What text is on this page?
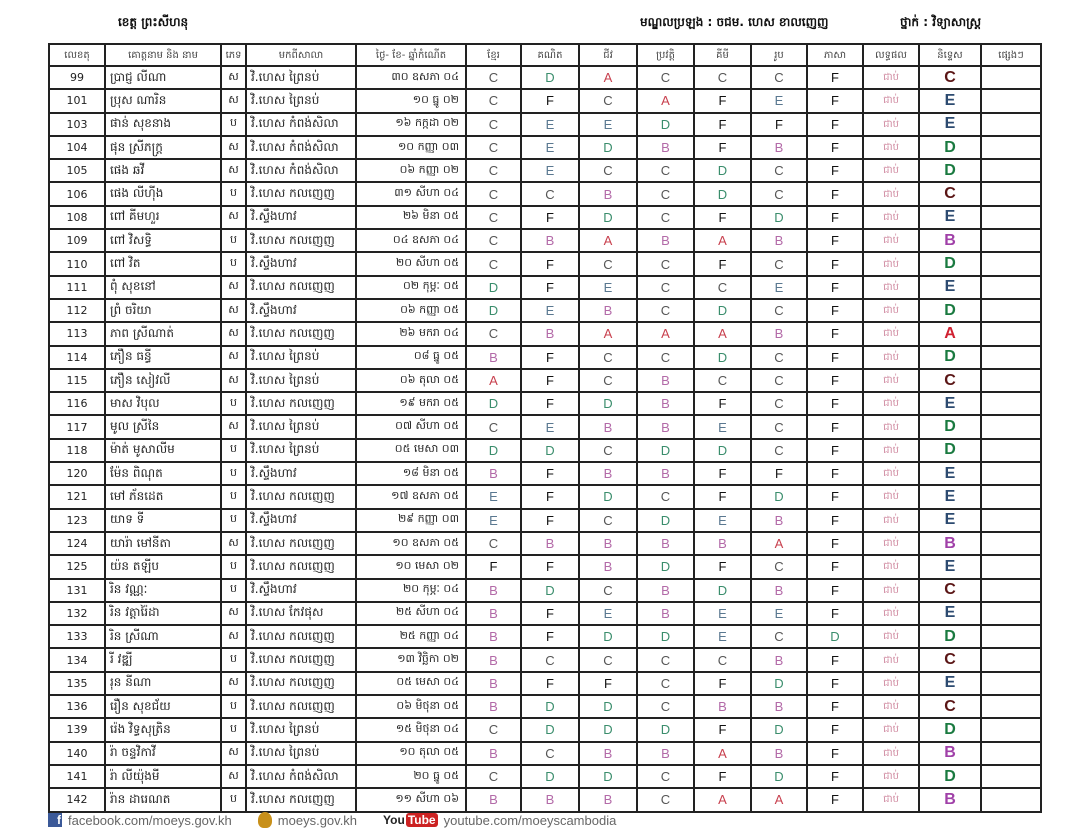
ខេត្ត ព្រះសីហនុ	មណ្ឌលប្រឡង : ចជម. ហេស ខាលញេញ	ថ្នាក់ : វិទ្យាសាស្ត្រ
លេខតុ	គោត្តនាម និង នាម	ភេទ	មកពីសាលា	ថ្ងៃ- ខែ- ឆ្នាំកំណើត	ខ្មែរ	គណិត	ជីវ	ប្រវត្តិ	គីមី	រូប	ភាសា	លទ្ធផល	និទ្ទេស	ផ្សេងៗ
99	ប្រាជ្ញ លីណា	ស	វិ.ហេស ព្រៃនប់	៣០ ឧសភា ០៤	C	D	A	C	C	C	F	ជាប់	C	
101	ប្រុស ណារិន	ស	វិ.ហេស ព្រៃនប់	១០ ធ្នូ ០២	C	F	C	A	F	E	F	ជាប់	E	
103	ផាន់ សុខនាង	ប	វិ.ហេស កំពង់សិលា	១៦ កក្កដា ០២	C	E	E	D	F	F	F	ជាប់	E	
104	ផុន ស្រីភក្ត្រ	ស	វិ.ហេស កំពង់សិលា	១០ កញ្ញា ០៣	C	E	D	B	F	B	F	ជាប់	D	
105	ផេង ឆវី	ស	វិ.ហេស កំពង់សិលា	០៦ កញ្ញា ០២	C	E	C	C	D	C	F	ជាប់	D	
106	ផេង លីហ៊ីង	ប	វិ.ហេស កលញេញ	៣១ សីហា ០៤	C	C	B	C	D	C	F	ជាប់	C	
108	ពៅ គីមហួរ	ស	វិ.ស្ទឹងហាវ	២៦ មិនា ០៥	C	F	D	C	F	D	F	ជាប់	E	
109	ពៅ វិសទ្ធិ	ប	វិ.ហេស កលញេញ	០៤ ឧសភា ០៤	C	B	A	B	A	B	F	ជាប់	B	
110	ពៅ វិត	ប	វិ.ស្ទឹងហាវ	២០ សីហា ០៥	C	F	C	C	F	C	F	ជាប់	D	
111	ពុំ សុខនៅ	ស	វិ.ហេស កលញេញ	០២ កុម្ភៈ ០៥	D	F	E	C	C	E	F	ជាប់	E	
112	ព្រំ ចរិយា	ស	វិ.ស្ទឹងហាវ	០៦ កញ្ញា ០៥	D	E	B	C	D	C	F	ជាប់	D	
113	ភាព ស្រីណាត់	ស	វិ.ហេស កលញេញ	២៦ មករា ០៤	C	B	A	A	A	B	F	ជាប់	A	
114	ភឿន ធន្ធី	ស	វិ.ហេស ព្រៃនប់	០៨ ធ្នូ ០៥	B	F	C	C	D	C	F	ជាប់	D	
115	ភឿន សៀវលី	ស	វិ.ហេស ព្រៃនប់	០៦ តុលា ០៥	A	F	C	B	C	C	F	ជាប់	C	
116	មាស វិបុល	ប	វិ.ហេស កលញេញ	១៩ មករា ០៥	D	F	D	B	F	C	F	ជាប់	E	
117	មូល ស្រីនៃ	ស	វិ.ហេស ព្រៃនប់	០៧ សីហា ០៥	C	E	B	B	E	C	F	ជាប់	D	
118	ម៉ាត់ មូសាលីម	ប	វិ.ហេស ព្រៃនប់	០៥ មេសា ០៣	D	D	C	D	D	C	F	ជាប់	D	
120	ម៉ែន ពិណុត	ប	វិ.ស្ទឹងហាវ	១៨ មិនា ០៥	B	F	B	B	F	F	F	ជាប់	E	
121	មៅ ភ័នដេត	ប	វិ.ហេស កលញេញ	១៧ ឧសភា ០៥	E	F	D	C	F	D	F	ជាប់	E	
123	យាទ ទី	ប	វិ.ស្ទឹងហាវ	២៩ កញ្ញា ០៣	E	F	C	D	E	B	F	ជាប់	E	
124	យារ៉ា មៅនីតា	ស	វិ.ហេស កលញេញ	១០ ឧសភា ០៥	C	B	B	B	B	A	F	ជាប់	B	
125	យ៉ន តឡីប	ប	វិ.ហេស កលញេញ	១០ មេសា ០២	F	F	B	D	F	C	F	ជាប់	E	
131	រិន វណ្ណៈ	ប	វិ.ស្ទឹងហាវ	២០ កុម្ភៈ ០៤	B	D	C	B	D	B	F	ជាប់	C	
132	រិន វត្តារ៉ៃដា	ស	វិ.ហេស កែវផុស	២៥ សីហា ០៤	B	F	E	B	E	E	F	ជាប់	E	
133	រិន ស្រីណា	ស	វិ.ហេស កលញេញ	២៥ កញ្ញា ០៤	B	F	D	D	E	C	D	ជាប់	D	
134	រី វឌ្ឍី	ប	វិ.ហេស កលញេញ	១៣ វិច្ឆិកា ០២	B	C	C	C	C	B	F	ជាប់	C	
135	រុន នីណា	ស	វិ.ហេស កលញេញ	០៥ មេសា ០៤	B	F	F	C	F	D	F	ជាប់	E	
136	រឿន សុខជ័យ	ប	វិ.ហេស កលញេញ	០៦ មិថុនា ០៥	B	D	D	C	B	B	F	ជាប់	C	
139	រ៉េង វិទ្ធសុត្រិន	ប	វិ.ហេស ព្រៃនប់	១៥ មិថុនា ០៤	C	D	D	D	F	D	F	ជាប់	D	
140	រ៉ា ចន្ទវិកាវី	ស	វិ.ហេស ព្រៃនប់	១០ តុលា ០៥	B	C	B	B	A	B	F	ជាប់	B	
141	រ៉ា លីយ៉ុងមី	ស	វិ.ហេស កំពង់សិលា	២០ ធ្នូ ០៥	C	D	D	C	F	D	F	ជាប់	D	
142	រ៉ាន ដារេណត	ប	វិ.ហេស កលញេញ	១១ សីហា ០៦	B	B	B	C	A	A	F	ជាប់	B	
f facebook.com/moeys.gov.kh	moeys.gov.kh You Tube youtube.com/moeyscambodia
